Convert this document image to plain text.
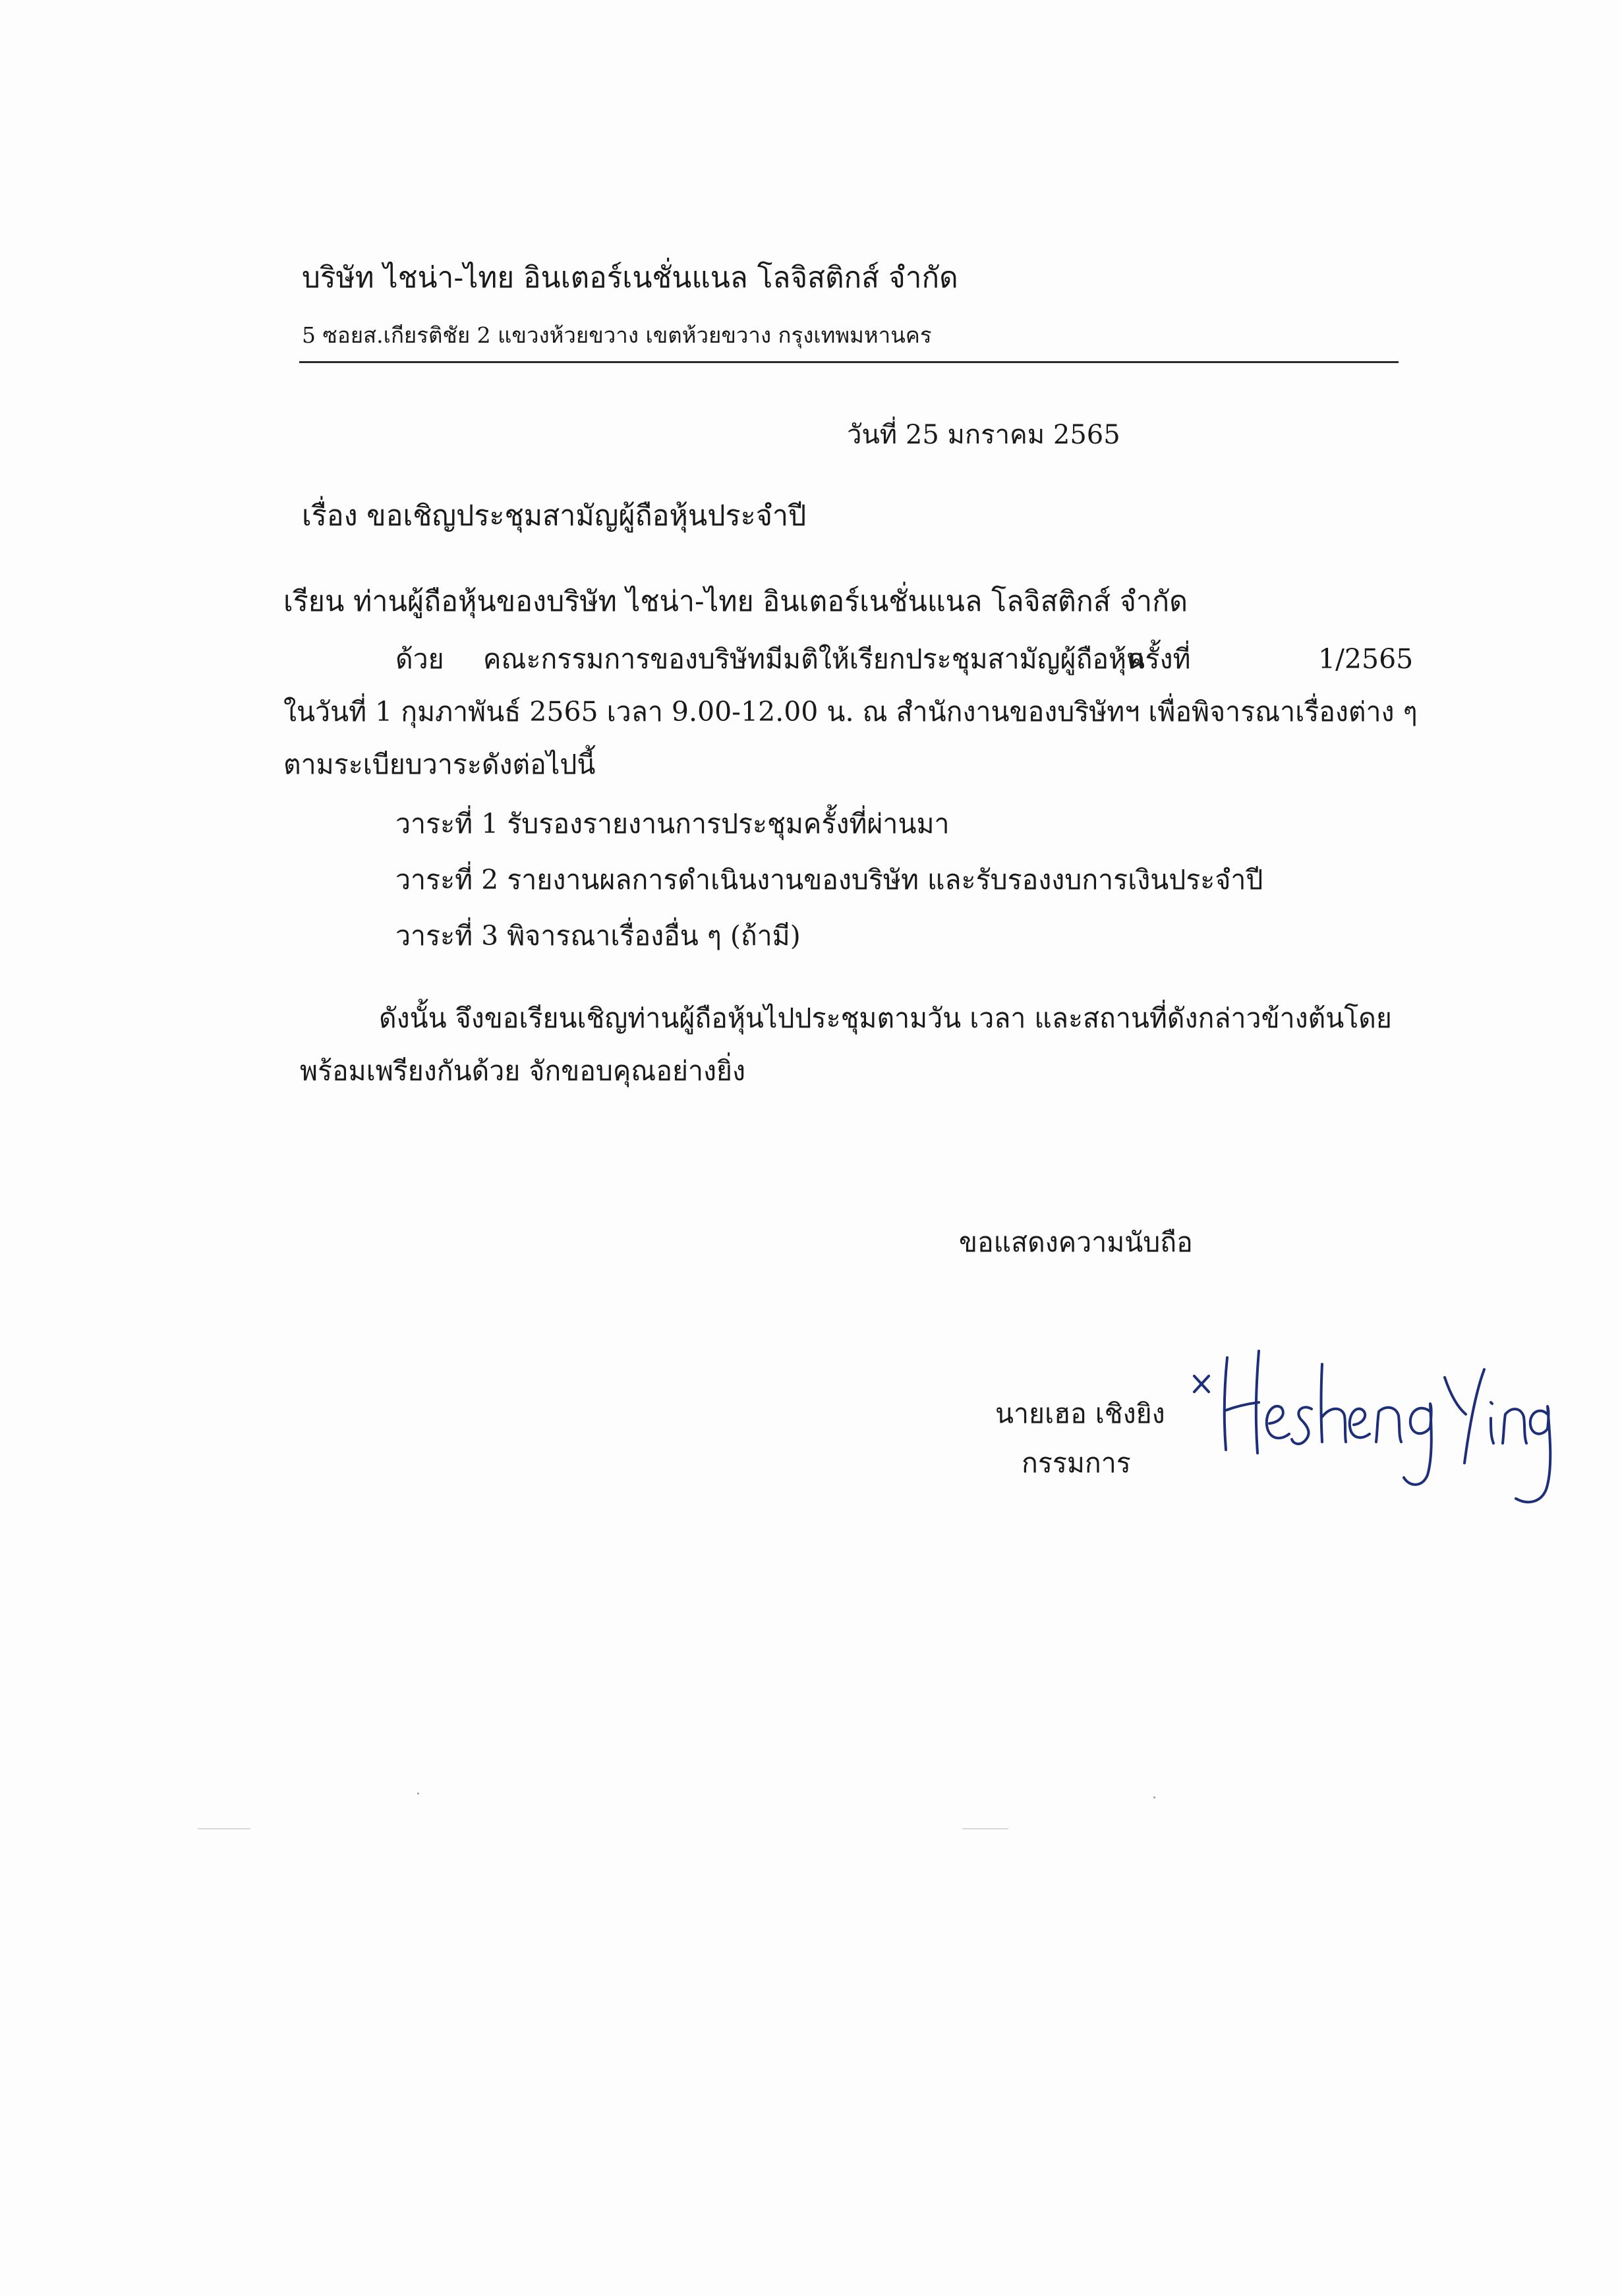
บริษัท ไชน่า-ไทย อินเตอร์เนชั่นแนล โลจิสติกส์ จำกัด
5 ซอยส.เกียรติชัย 2 แขวงห้วยขวาง เขตห้วยขวาง กรุงเทพมหานคร
วันที่ 25 มกราคม 2565
เรื่อง ขอเชิญประชุมสามัญผู้ถือหุ้นประจำปี
เรียน ท่านผู้ถือหุ้นของบริษัท ไชน่า-ไทย อินเตอร์เนชั่นแนล โลจิสติกส์ จำกัด
ด้วย คณะกรรมการของบริษัทมีมติให้เรียกประชุมสามัญผู้ถือหุ้น
ครั้งที่	1/2565
ในวันที่ 1 กุมภาพันธ์ 2565 เวลา 9.00-12.00 น. ณ สำนักงานของบริษัทฯ เพื่อพิจารณาเรื่องต่าง ๆ
ตามระเบียบวาระดังต่อไปนี้
วาระที่ 1 รับรองรายงานการประชุมครั้งที่ผ่านมา
วาระที่ 2 รายงานผลการดำเนินงานของบริษัท และรับรองงบการเงินประจำปี
วาระที่ 3 พิจารณาเรื่องอื่น ๆ (ถ้ามี)
ดังนั้น จึงขอเรียนเชิญท่านผู้ถือหุ้นไปประชุมตามวัน เวลา และสถานที่ดังกล่าวข้างต้นโดย
พร้อมเพรียงกันด้วย จักขอบคุณอย่างยิ่ง
ขอแสดงความนับถือ
นายเฮอ เชิงยิง
กรรมการ
